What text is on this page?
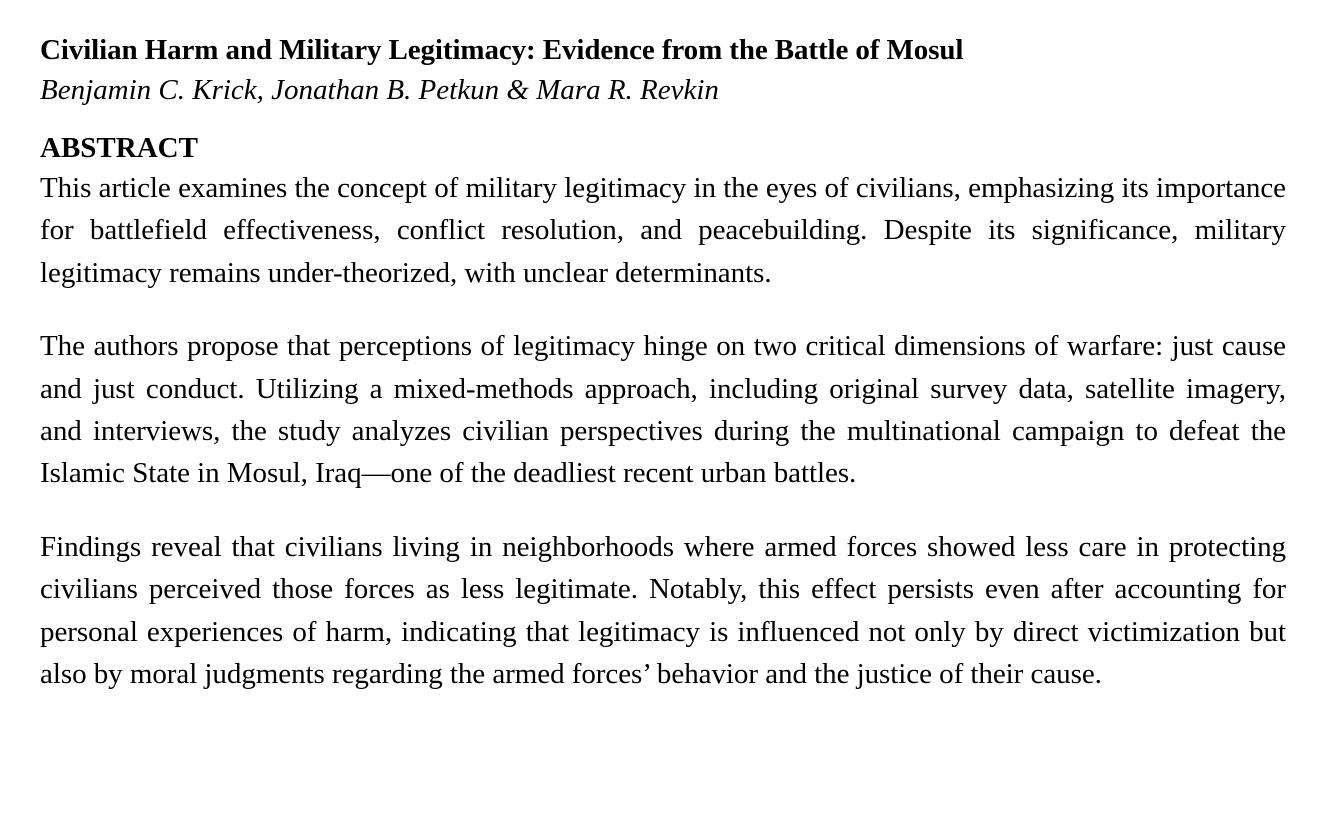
Civilian Harm and Military Legitimacy: Evidence from the Battle of Mosul

Benjamin C. Krick, Jonathan B. Petkun & Mara R. Revkin

ABSTRACT

This article examines the concept of military legitimacy in the eyes of civilians, emphasizing its importance for battlefield effectiveness, conflict resolution, and peacebuilding. Despite its significance, military legitimacy remains under-theorized, with unclear determinants.

The authors propose that perceptions of legitimacy hinge on two critical dimensions of warfare: just cause and just conduct. Utilizing a mixed-methods approach, including original survey data, satellite imagery, and interviews, the study analyzes civilian perspectives during the multinational campaign to defeat the Islamic State in Mosul, Iraq—one of the deadliest recent urban battles.

Findings reveal that civilians living in neighborhoods where armed forces showed less care in protecting civilians perceived those forces as less legitimate. Notably, this effect persists even after accounting for personal experiences of harm, indicating that legitimacy is influenced not only by direct victimization but also by moral judgments regarding the armed forces’ behavior and the justice of their cause.
